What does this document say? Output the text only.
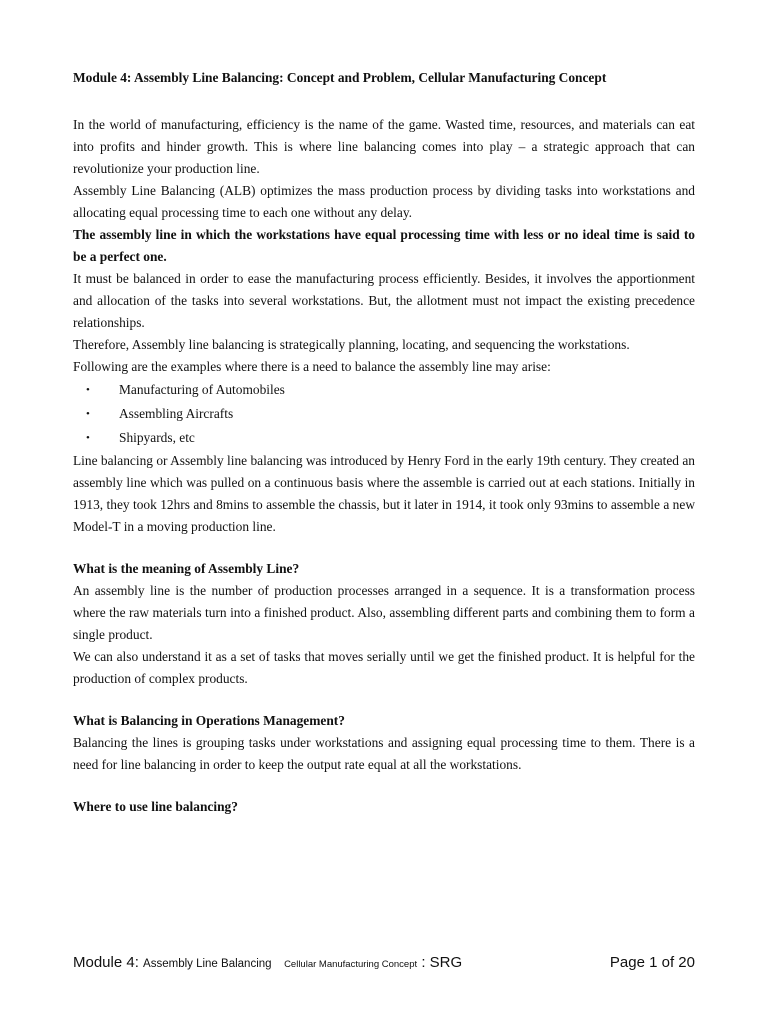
Module 4: Assembly Line Balancing: Concept and Problem, Cellular Manufacturing Concept

In the world of manufacturing, efficiency is the name of the game. Wasted time, resources, and materials can eat into profits and hinder growth. This is where line balancing comes into play – a strategic approach that can revolutionize your production line.

Assembly Line Balancing (ALB) optimizes the mass production process by dividing tasks into workstations and allocating equal processing time to each one without any delay.

The assembly line in which the workstations have equal processing time with less or no ideal time is said to be a perfect one.

It must be balanced in order to ease the manufacturing process efficiently. Besides, it involves the apportionment and allocation of the tasks into several workstations. But, the allotment must not impact the existing precedence relationships.

Therefore, Assembly line balancing is strategically planning, locating, and sequencing the workstations.

Following are the examples where there is a need to balance the assembly line may arise:

• Manufacturing of Automobiles
• Assembling Aircrafts
• Shipyards, etc

Line balancing or Assembly line balancing was introduced by Henry Ford in the early 19th century. They created an assembly line which was pulled on a continuous basis where the assemble is carried out at each stations. Initially in 1913, they took 12hrs and 8mins to assemble the chassis, but it later in 1914, it took only 93mins to assemble a new Model-T in a moving production line.

What is the meaning of Assembly Line?

An assembly line is the number of production processes arranged in a sequence. It is a transformation process where the raw materials turn into a finished product. Also, assembling different parts and combining them to form a single product.

We can also understand it as a set of tasks that moves serially until we get the finished product. It is helpful for the production of complex products.

What is Balancing in Operations Management?

Balancing the lines is grouping tasks under workstations and assigning equal processing time to them. There is a need for line balancing in order to keep the output rate equal at all the workstations.

Where to use line balancing?

Module 4: Assembly Line Balancing Cellular Manufacturing Concept : SRG	Page 1 of 20
